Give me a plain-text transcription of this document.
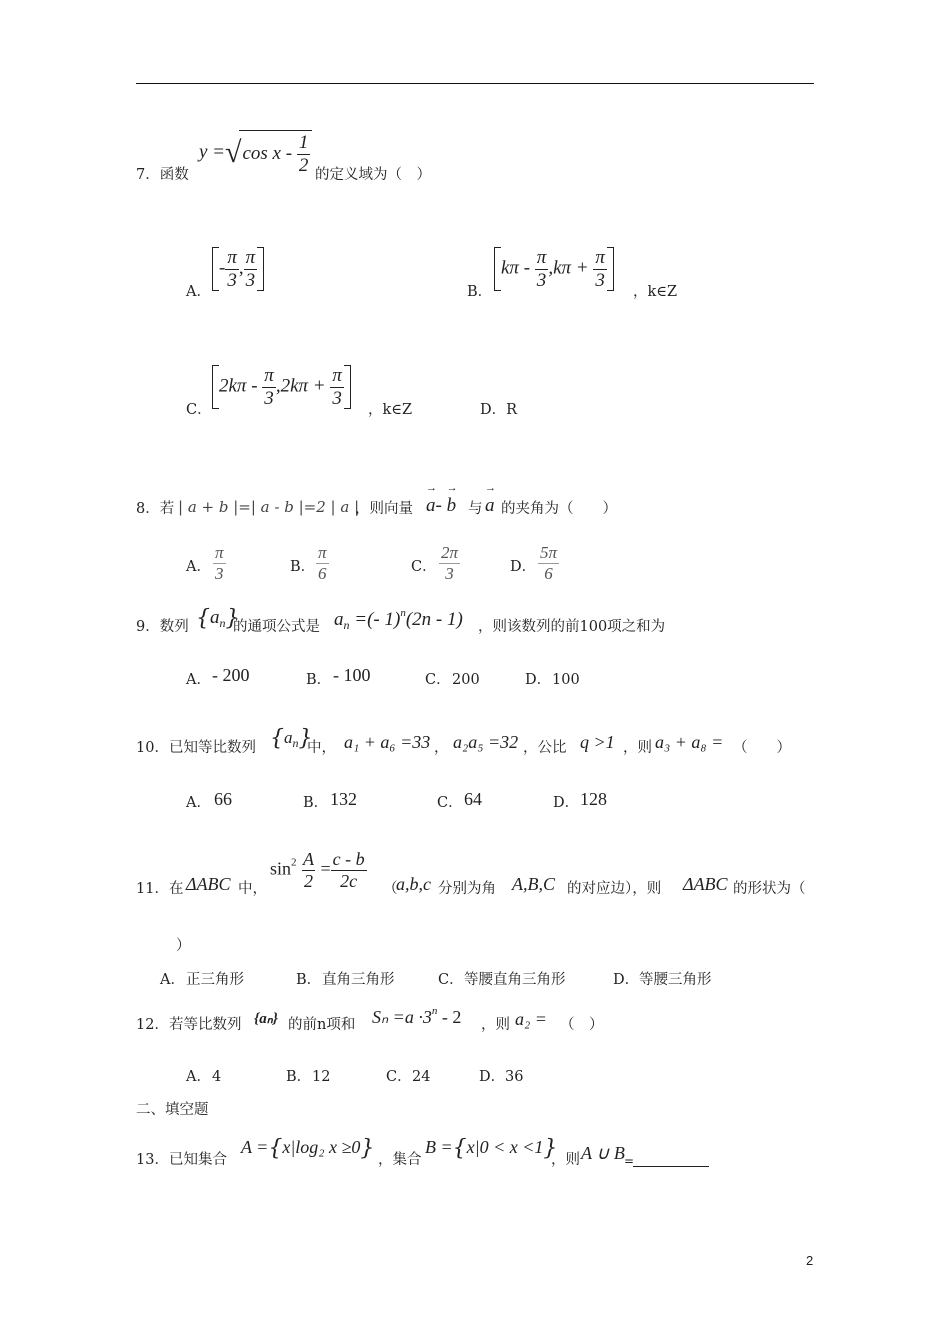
7．函数
y =√cos x - $\frac{1}{2}$ 的定义域为（　）
A．
- $\frac{\pi}{3}$ , $\frac{\pi}{3}$
B．
$k\pi - \frac{\pi}{3} ,k\pi + \frac{\pi}{3}$
，k∈Z
C．
$2k\pi - \frac{\pi}{3} ,2k\pi + \frac{\pi}{3}$
，k∈Z	D．R
8．若 | a + b |=| a - b |=2 | a |
，则向量 → a- → b 与 → a 的夹角为（　　）
A． $\frac{\pi}{3}$	B． $\frac{\pi}{6}$	C． $\frac{2\pi}{3}$	D． $\frac{5\pi}{6}$
9．数列 $\{a_n\}$
的通项公式是 $a_n$ =(- 1)$^n$(2n - 1) ，则该数列的前100项之和为
A． - 200	B． - 100	C． 200	D． 100
10．已知等比数列 $\{a_n\}$
中， a₁ + a₆ =33 ， a₂a₅ =32 ，公比 q >1 ，则 a₃ + a₈ = （　　）
A． 66	B． 132	C． 64	D． 128
11．在 ΔABC 中，
$\sin^2 \frac{A}{2} = \frac{c - b}{2c}$ （
a,b,c 分别为角 A,B,C 的对应边），则 ΔABC 的形状为（
）
A． 正三角形	B． 直角三角形	C． 等腰直角三角形	D． 等腰三角形
12．若等比数列 {aₙ} 的前n项和 $S_n =a \cdot 3^n - 2$ ，则 a₂ = （　）
A． 4	B． 12	C． 24	D． 36
二、填空题
13．已知集合
A ={x|log₂ x ≥0} ，集合
B ={x|0 < x <1}
，则 A ∪ B =
2
